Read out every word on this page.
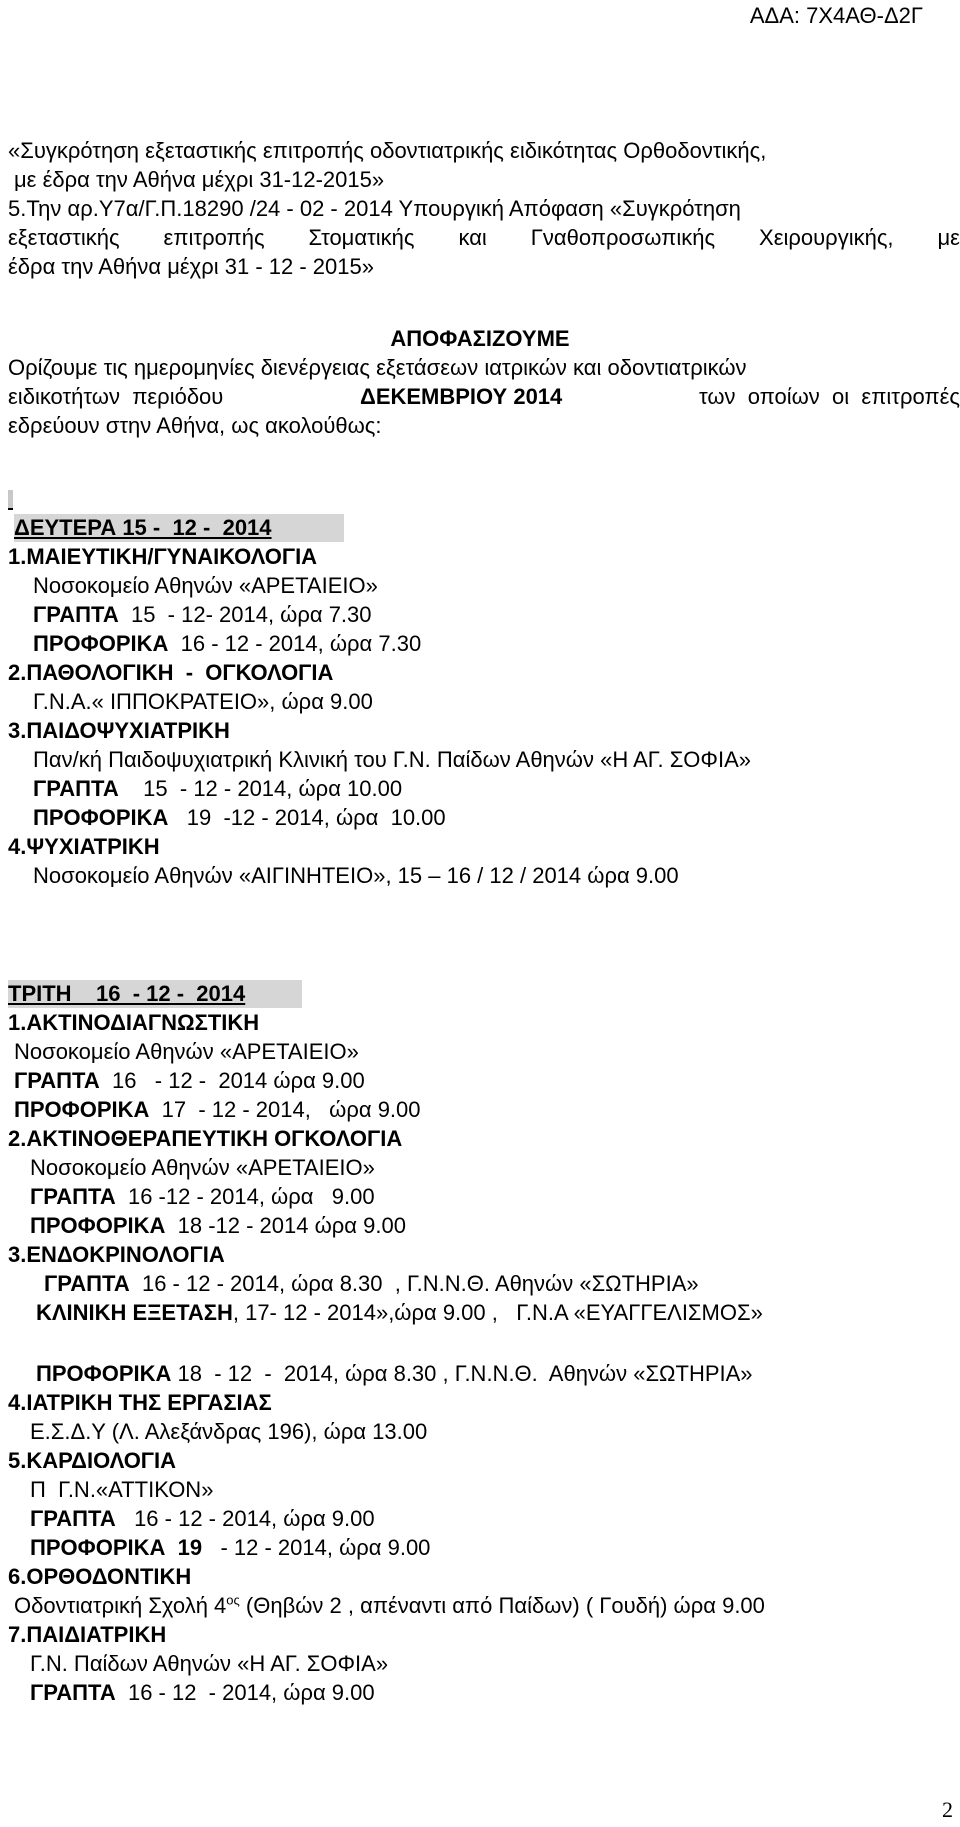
ΑΔΑ: 7Χ4ΑΘ-Δ2Γ
«Συγκρότηση εξεταστικής επιτροπής οδοντιατρικής ειδικότητας Ορθοδοντικής,
με έδρα την Αθήνα μέχρι 31-12-2015»
5.Την αρ.Υ7α/Γ.Π.18290 /24 - 02 - 2014 Υπουργική Απόφαση «Συγκρότηση
εξεταστικής επιτροπής Στοματικής και Γναθοπροσωπικής Χειρουργικής, με
έδρα την Αθήνα μέχρι 31 - 12 - 2015»
ΑΠΟΦΑΣΙΖΟΥΜΕ
Ορίζουμε τις ημερομηνίες διενέργειας εξετάσεων ιατρικών και οδοντιατρικών
ειδικοτήτων  περιόδου	ΔΕΚΕΜΒΡΙΟΥ 2014	των  οποίων  οι  επιτροπές
εδρεύουν στην Αθήνα, ως ακολούθως:
ΔΕΥΤΕΡΑ 15 -  12 -  2014
1.ΜΑΙΕΥΤΙΚΗ/ΓΥΝΑΙΚΟΛΟΓΙΑ
Νοσοκομείο Αθηνών «ΑΡΕΤΑΙΕΙΟ»
ΓΡΑΠΤΑ  15  - 12- 2014, ώρα 7.30
ΠΡΟΦΟΡΙΚΑ  16 - 12 - 2014, ώρα 7.30
2.ΠΑΘΟΛΟΓΙΚΗ  -  ΟΓΚΟΛΟΓΙΑ
Γ.Ν.Α.« ΙΠΠΟΚΡΑΤΕΙΟ», ώρα 9.00
3.ΠΑΙΔΟΨΥΧΙΑΤΡΙΚΗ
Παν/κή Παιδοψυχιατρική Κλινική του Γ.Ν. Παίδων Αθηνών «Η ΑΓ. ΣΟΦΙΑ»
ΓΡΑΠΤΑ    15  - 12 - 2014, ώρα 10.00
ΠΡΟΦΟΡΙΚΑ   19  -12 - 2014, ώρα  10.00
4.ΨΥΧΙΑΤΡΙΚΗ
Νοσοκομείο Αθηνών «ΑΙΓΙΝΗΤΕΙΟ», 15 – 16 / 12 / 2014 ώρα 9.00
ΤΡΙΤΗ    16  - 12 -  2014
1.ΑΚΤΙΝΟΔΙΑΓΝΩΣΤΙΚΗ
Νοσοκομείο Αθηνών «ΑΡΕΤΑΙΕΙΟ»
ΓΡΑΠΤΑ  16   - 12 -  2014 ώρα 9.00
ΠΡΟΦΟΡΙΚΑ  17  - 12 - 2014,   ώρα 9.00
2.ΑΚΤΙΝΟΘΕΡΑΠΕΥΤΙΚΗ ΟΓΚΟΛΟΓΙΑ
Νοσοκομείο Αθηνών «ΑΡΕΤΑΙΕΙΟ»
ΓΡΑΠΤΑ  16 -12 - 2014, ώρα   9.00
ΠΡΟΦΟΡΙΚΑ  18 -12 - 2014 ώρα 9.00
3.ΕΝΔΟΚΡΙΝΟΛΟΓΙΑ
ΓΡΑΠΤΑ  16 - 12 - 2014, ώρα 8.30  , Γ.Ν.Ν.Θ. Αθηνών «ΣΩΤΗΡΙΑ»
ΚΛΙΝΙΚΗ ΕΞΕΤΑΣΗ, 17- 12 - 2014»,ώρα 9.00 ,   Γ.Ν.Α «ΕΥΑΓΓΕΛΙΣΜΟΣ»
ΠΡΟΦΟΡΙΚΑ 18  - 12  -  2014, ώρα 8.30 , Γ.Ν.Ν.Θ.  Αθηνών «ΣΩΤΗΡΙΑ»
4.ΙΑΤΡΙΚΗ ΤΗΣ ΕΡΓΑΣΙΑΣ
Ε.Σ.Δ.Υ (Λ. Αλεξάνδρας 196), ώρα 13.00
5.ΚΑΡΔΙΟΛΟΓΙΑ
Π  Γ.Ν.«ΑΤΤΙΚΟΝ»
ΓΡΑΠΤΑ   16 - 12 - 2014, ώρα 9.00
ΠΡΟΦΟΡΙΚΑ  19   - 12 - 2014, ώρα 9.00
6.ΟΡΘΟΔΟΝΤΙΚΗ
Οδοντιατρική Σχολή $4^{o\varsigma}$ (Θηβών 2 , απέναντι από Παίδων) ( Γουδή) ώρα 9.00
7.ΠΑΙΔΙΑΤΡΙΚΗ
Γ.Ν. Παίδων Αθηνών «Η ΑΓ. ΣΟΦΙΑ»
ΓΡΑΠΤΑ  16 - 12  - 2014, ώρα 9.00
2
